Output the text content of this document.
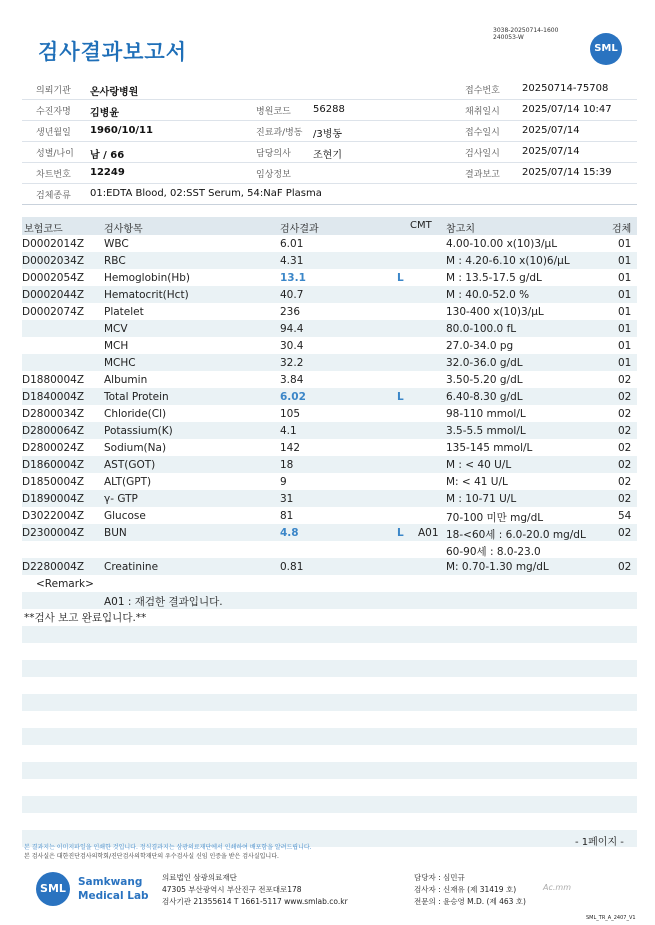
3038-20250714-1600
240053-W
검사결과보고서	SML
의뢰기관 온사랑병원	접수번호 20250714-75708
수진자명 김병윤	병원코드 56288	채취일시 2025/07/14 10:47
생년월일 1960/10/11	진료과/병동 /3병동	접수일시 2025/07/14
성별/나이 남 / 66	담당의사 조현기	검사일시 2025/07/14
차트번호 12249	임상정보	결과보고 2025/07/14 15:39
검체종류 01:EDTA Blood, 02:SST Serum, 54:NaF Plasma
보험코드	검사항목	검사결과	CMT 참고치	검체
D0002014Z WBC	6.01	4.00-10.00 x(10)3/μL	01
D0002034Z RBC	4.31	M : 4.20-6.10 x(10)6/μL	01
D0002054Z Hemoglobin(Hb)	13.1	L	M : 13.5-17.5 g/dL	01
D0002044Z Hematocrit(Hct)	40.7	M : 40.0-52.0 %	01
D0002074Z Platelet	236	130-400 x(10)3/μL	01
MCV	94.4	80.0-100.0 fL	01
MCH	30.4	27.0-34.0 pg	01
MCHC	32.2	32.0-36.0 g/dL	01
D1880004Z Albumin	3.84	3.50-5.20 g/dL	02
D1840004Z Total Protein	6.02	L	6.40-8.30 g/dL	02
D2800034Z Chloride(Cl)	105	98-110 mmol/L	02
D2800064Z Potassium(K)	4.1	3.5-5.5 mmol/L	02
D2800024Z Sodium(Na)	142	135-145 mmol/L	02
D1860004Z AST(GOT)	18	M : < 40 U/L	02
D1850004Z ALT(GPT)	9	M: < 41 U/L	02
D1890004Z γ- GTP	31	M : 10-71 U/L	02
D3022004Z Glucose	81	70-100 미만 mg/dL	54
D2300004Z BUN	4.8	L A01 18-<60세 : 6.0-20.0 mg/dL	02
60-90세 : 8.0-23.0
D2280004Z Creatinine	0.81	M: 0.70-1.30 mg/dL	02
<Remark>
A01 : 재검한 결과입니다.
**검사 보고 완료입니다.**
- 1페이지 -
본 결과지는 이미지파일을 인쇄한 것입니다. 정식결과지는 삼광의료재단에서 인쇄하여 배포함을 알려드립니다.
본 검사실은 대한진단검사의학회/진단검사의학재단의 우수검사실 신임 인증을 받은 검사실입니다.
SML	Samkwang
Medical Lab
의료법인 삼광의료재단
47305 부산광역시 부산진구 전포대로178
검사기관 21355614 T 1661-5117 www.smlab.co.kr
담당자 : 심민규
검사자 : 신재유 (제 31419 호)
전문의 : 윤승영 M.D. (제 463 호)
Ac.mm
SML_TR_A_2407_V1
